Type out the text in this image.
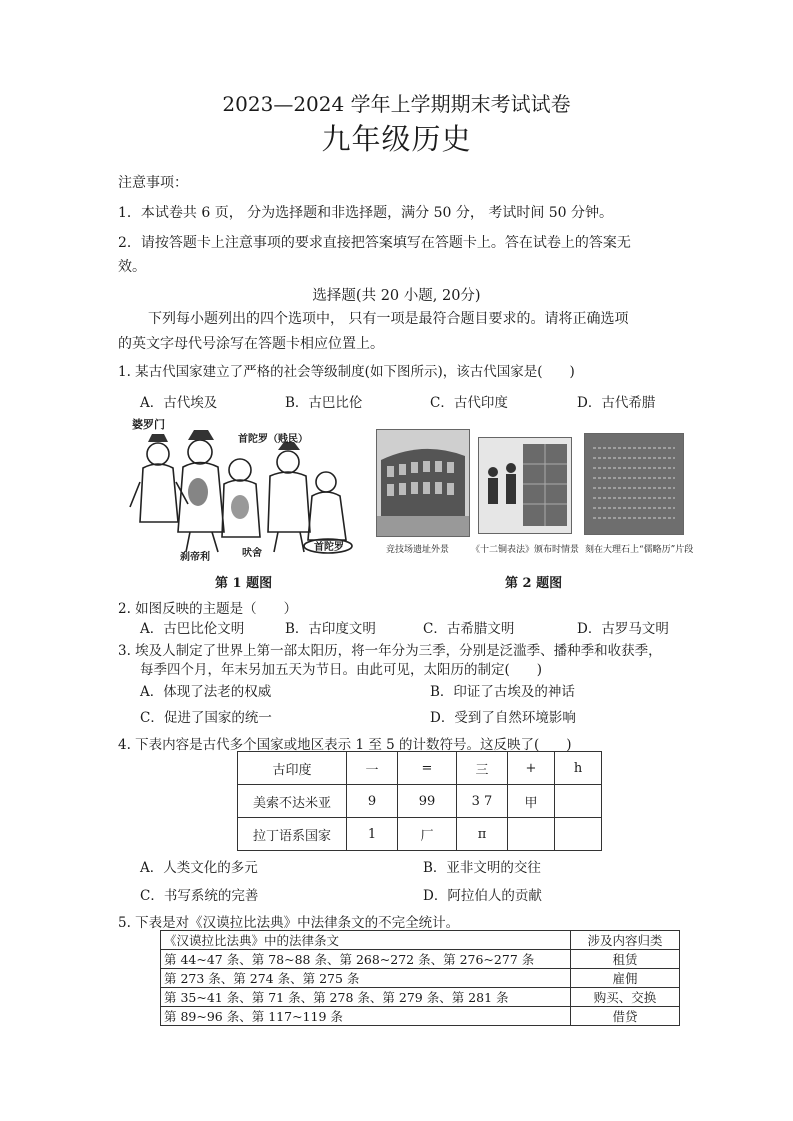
2023—2024 学年上学期期末考试试卷
九年级历史
注意事项：
1．本试卷共 6 页， 分为选择题和非选择题，满分 50 分， 考试时间 50 分钟。
2．请按答题卡上注意事项的要求直接把答案填写在答题卡上。答在试卷上的答案无
效。
选择题(共 20 小题, 20分)
下列每小题列出的四个选项中， 只有一项是最符合题目要求的。请将正确选项
的英文字母代号涂写在答题卡相应位置上。
1. 某古代国家建立了严格的社会等级制度(如下图所示)，该古代国家是(　　)
A．古代埃及	B．古巴比伦	C．古代印度	D．古代希腊
婆罗门
首陀罗（贱民）
刹帝利	吠舍
首陀罗	竞技场遗址外景 《十二铜表法》颁布时情景 刻在大理石上“儒略历”片段
第 1 题图	第 2 题图
2. 如图反映的主题是（　　）
A．古巴比伦文明	B．古印度文明	C．古希腊文明	D．古罗马文明
3. 埃及人制定了世界上第一部太阳历，将一年分为三季，分别是泛滥季、播种季和收获季，
每季四个月，年末另加五天为节日。由此可见，太阳历的制定(　　)
A．体现了法老的权威	B．印证了古埃及的神话
C．促进了国家的统一	D．受到了自然环境影响
4. 下表内容是古代多个国家或地区表示 1 至 5 的计数符号。这反映了(　　)
古印度	一	=	三	+	h
美索不达米亚	9	99	3 7	甲	
拉丁语系国家	1	厂	π		
A．人类文化的多元	B．亚非文明的交往
C．书写系统的完善	D．阿拉伯人的贡献
5. 下表是对《汉谟拉比法典》中法律条文的不完全统计。
《汉谟拉比法典》中的法律条文	涉及内容归类
第 44~47 条、第 78~88 条、第 268~272 条、第 276~277 条	租赁
第 273 条、第 274 条、第 275 条	雇佣
第 35~41 条、第 71 条、第 278 条、第 279 条、第 281 条	购买、交换
第 89~96 条、第 117~119 条	借贷
